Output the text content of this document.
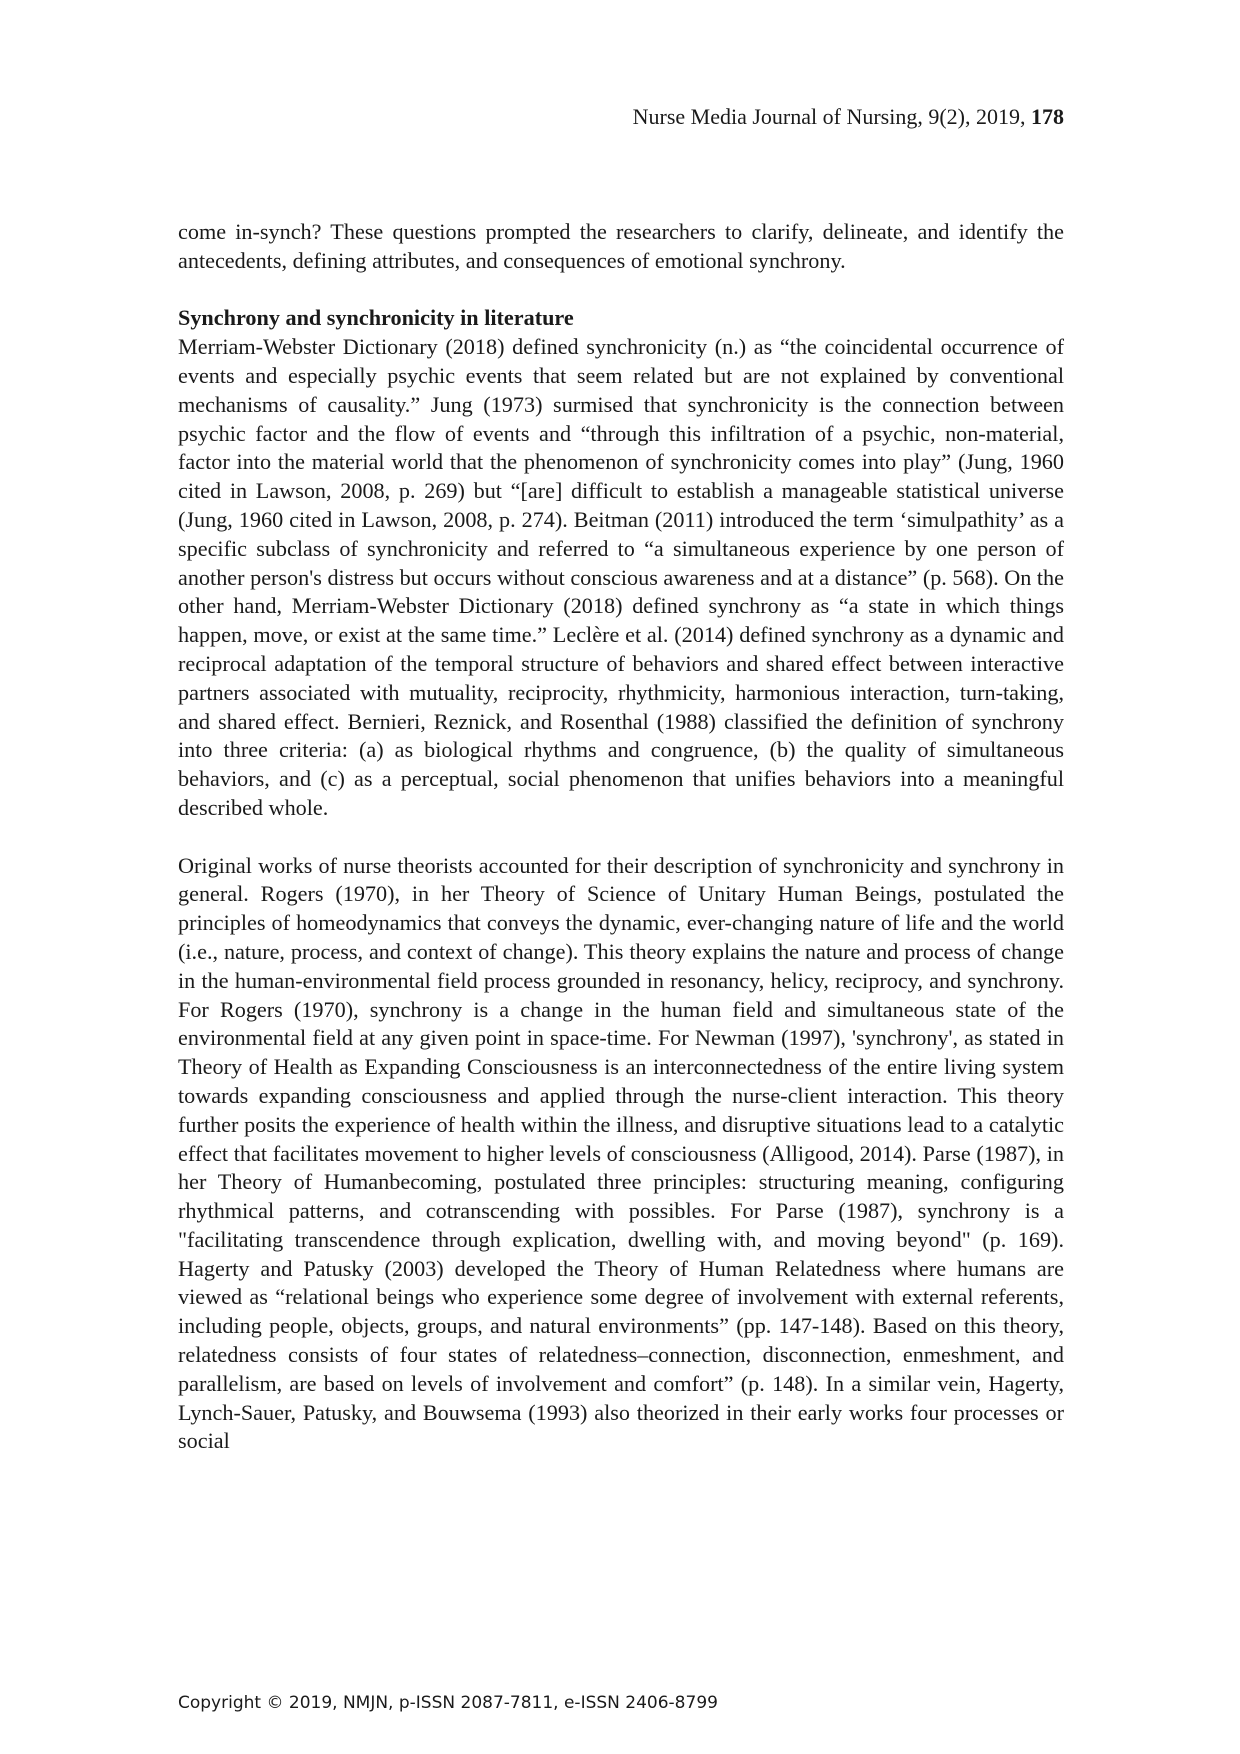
Nurse Media Journal of Nursing, 9(2), 2019, 178

come in-synch? These questions prompted the researchers to clarify, delineate, and identify the antecedents, defining attributes, and consequences of emotional synchrony.

Synchrony and synchronicity in literature

Merriam-Webster Dictionary (2018) defined synchronicity (n.) as “the coincidental occurrence of events and especially psychic events that seem related but are not explained by conventional mechanisms of causality.” Jung (1973) surmised that synchronicity is the connection between psychic factor and the flow of events and “through this infiltration of a psychic, non-material, factor into the material world that the phenomenon of synchronicity comes into play” (Jung, 1960 cited in Lawson, 2008, p. 269) but “[are] difficult to establish a manageable statistical universe (Jung, 1960 cited in Lawson, 2008, p. 274). Beitman (2011) introduced the term ‘simulpathity’ as a specific subclass of synchronicity and referred to “a simultaneous experience by one person of another person's distress but occurs without conscious awareness and at a distance” (p. 568). On the other hand, Merriam-Webster Dictionary (2018) defined synchrony as “a state in which things happen, move, or exist at the same time.” Leclère et al. (2014) defined synchrony as a dynamic and reciprocal adaptation of the temporal structure of behaviors and shared effect between interactive partners associated with mutuality, reciprocity, rhythmicity, harmonious interaction, turn-taking, and shared effect. Bernieri, Reznick, and Rosenthal (1988) classified the definition of synchrony into three criteria: (a) as biological rhythms and congruence, (b) the quality of simultaneous behaviors, and (c) as a perceptual, social phenomenon that unifies behaviors into a meaningful described whole.

Original works of nurse theorists accounted for their description of synchronicity and synchrony in general. Rogers (1970), in her Theory of Science of Unitary Human Beings, postulated the principles of homeodynamics that conveys the dynamic, ever-changing nature of life and the world (i.e., nature, process, and context of change). This theory explains the nature and process of change in the human-environmental field process grounded in resonancy, helicy, reciprocy, and synchrony. For Rogers (1970), synchrony is a change in the human field and simultaneous state of the environmental field at any given point in space-time. For Newman (1997), 'synchrony', as stated in Theory of Health as Expanding Consciousness is an interconnectedness of the entire living system towards expanding consciousness and applied through the nurse-client interaction. This theory further posits the experience of health within the illness, and disruptive situations lead to a catalytic effect that facilitates movement to higher levels of consciousness (Alligood, 2014). Parse (1987), in her Theory of Humanbecoming, postulated three principles: structuring meaning, configuring rhythmical patterns, and cotranscending with possibles. For Parse (1987), synchrony is a "facilitating transcendence through explication, dwelling with, and moving beyond" (p. 169). Hagerty and Patusky (2003) developed the Theory of Human Relatedness where humans are viewed as “relational beings who experience some degree of involvement with external referents, including people, objects, groups, and natural environments” (pp. 147-148). Based on this theory, relatedness consists of four states of relatedness–connection, disconnection, enmeshment, and parallelism, are based on levels of involvement and comfort” (p. 148). In a similar vein, Hagerty, Lynch-Sauer, Patusky, and Bouwsema (1993) also theorized in their early works four processes or social

Copyright © 2019, NMJN, p-ISSN 2087-7811, e-ISSN 2406-8799
